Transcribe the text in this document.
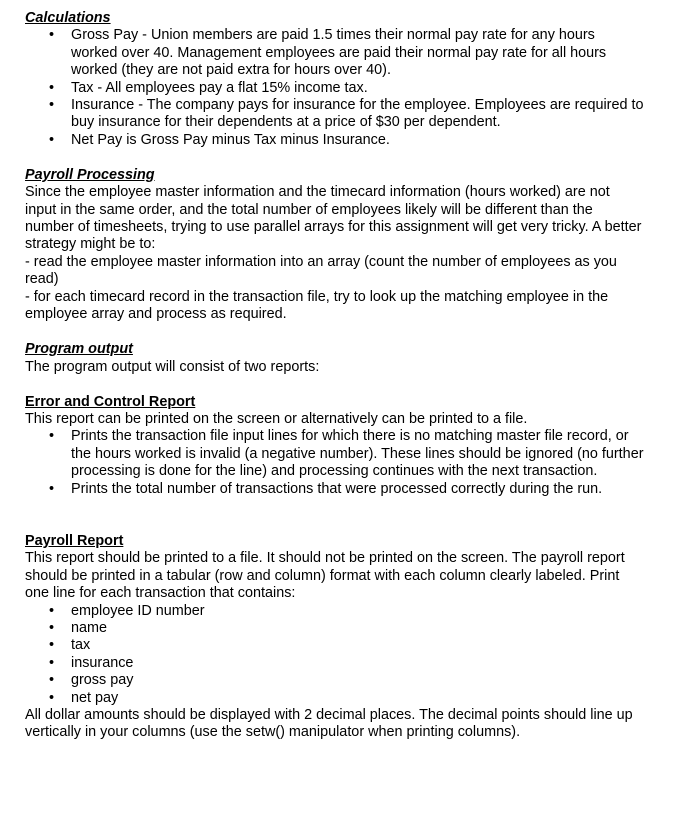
Calculations

• Gross Pay - Union members are paid 1.5 times their normal pay rate for any hours worked over 40. Management employees are paid their normal pay rate for all hours worked (they are not paid extra for hours over 40).
• Tax - All employees pay a flat 15% income tax.
• Insurance - The company pays for insurance for the employee. Employees are required to buy insurance for their dependents at a price of $30 per dependent.
• Net Pay is Gross Pay minus Tax minus Insurance.

Payroll Processing

Since the employee master information and the timecard information (hours worked) are not input in the same order, and the total number of employees likely will be different than the number of timesheets, trying to use parallel arrays for this assignment will get very tricky. A better strategy might be to:

- read the employee master information into an array (count the number of employees as you read)

- for each timecard record in the transaction file, try to look up the matching employee in the employee array and process as required.

Program output

The program output will consist of two reports:

Error and Control Report

This report can be printed on the screen or alternatively can be printed to a file.

• Prints the transaction file input lines for which there is no matching master file record, or the hours worked is invalid (a negative number). These lines should be ignored (no further processing is done for the line) and processing continues with the next transaction.
• Prints the total number of transactions that were processed correctly during the run.

Payroll Report

This report should be printed to a file. It should not be printed on the screen. The payroll report should be printed in a tabular (row and column) format with each column clearly labeled. Print one line for each transaction that contains:

• employee ID number
• name
• tax
• insurance
• gross pay
• net pay

All dollar amounts should be displayed with 2 decimal places. The decimal points should line up vertically in your columns (use the setw() manipulator when printing columns).
